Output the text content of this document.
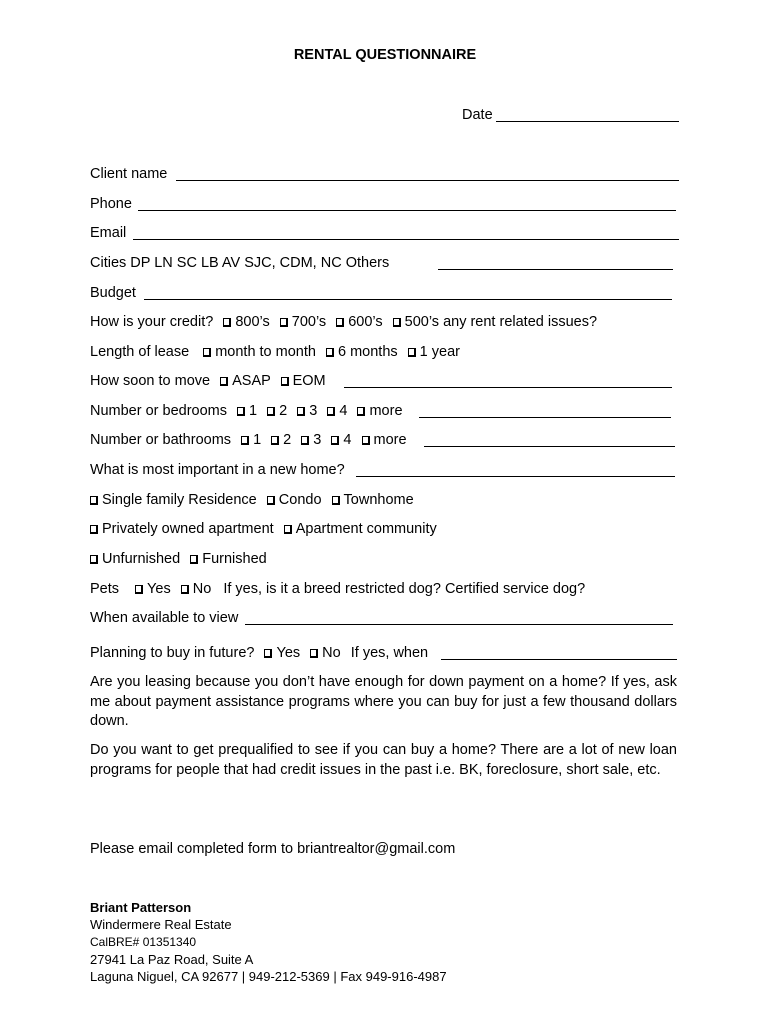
RENTAL QUESTIONNAIRE
Date
Client name
Phone
Email
Cities DP LN SC LB AV SJC, CDM, NC Others
Budget
How is your credit? 800’s 700’s 600’s 500’s any rent related issues?
Length of lease month to month 6 months 1 year
How soon to move ASAP EOM
Number or bedrooms 1 2 3 4 more
Number or bathrooms 1 2 3 4 more
What is most important in a new home?
Single family Residence Condo Townhome
Privately owned apartment Apartment community
Unfurnished Furnished
Pets Yes No If yes, is it a breed restricted dog? Certified service dog?
When available to view
Planning to buy in future? Yes No If yes, when
Are you leasing because you don’t have enough for down payment on a home? If yes, ask me about payment assistance programs where you can buy for just a few thousand dollars down.
Do you want to get prequalified to see if you can buy a home? There are a lot of new loan programs for people that had credit issues in the past i.e. BK, foreclosure, short sale, etc.
Please email completed form to briantrealtor@gmail.com
Briant Patterson
Windermere Real Estate
CalBRE# 01351340
27941 La Paz Road, Suite A
Laguna Niguel, CA 92677 | 949-212-5369 | Fax 949-916-4987
